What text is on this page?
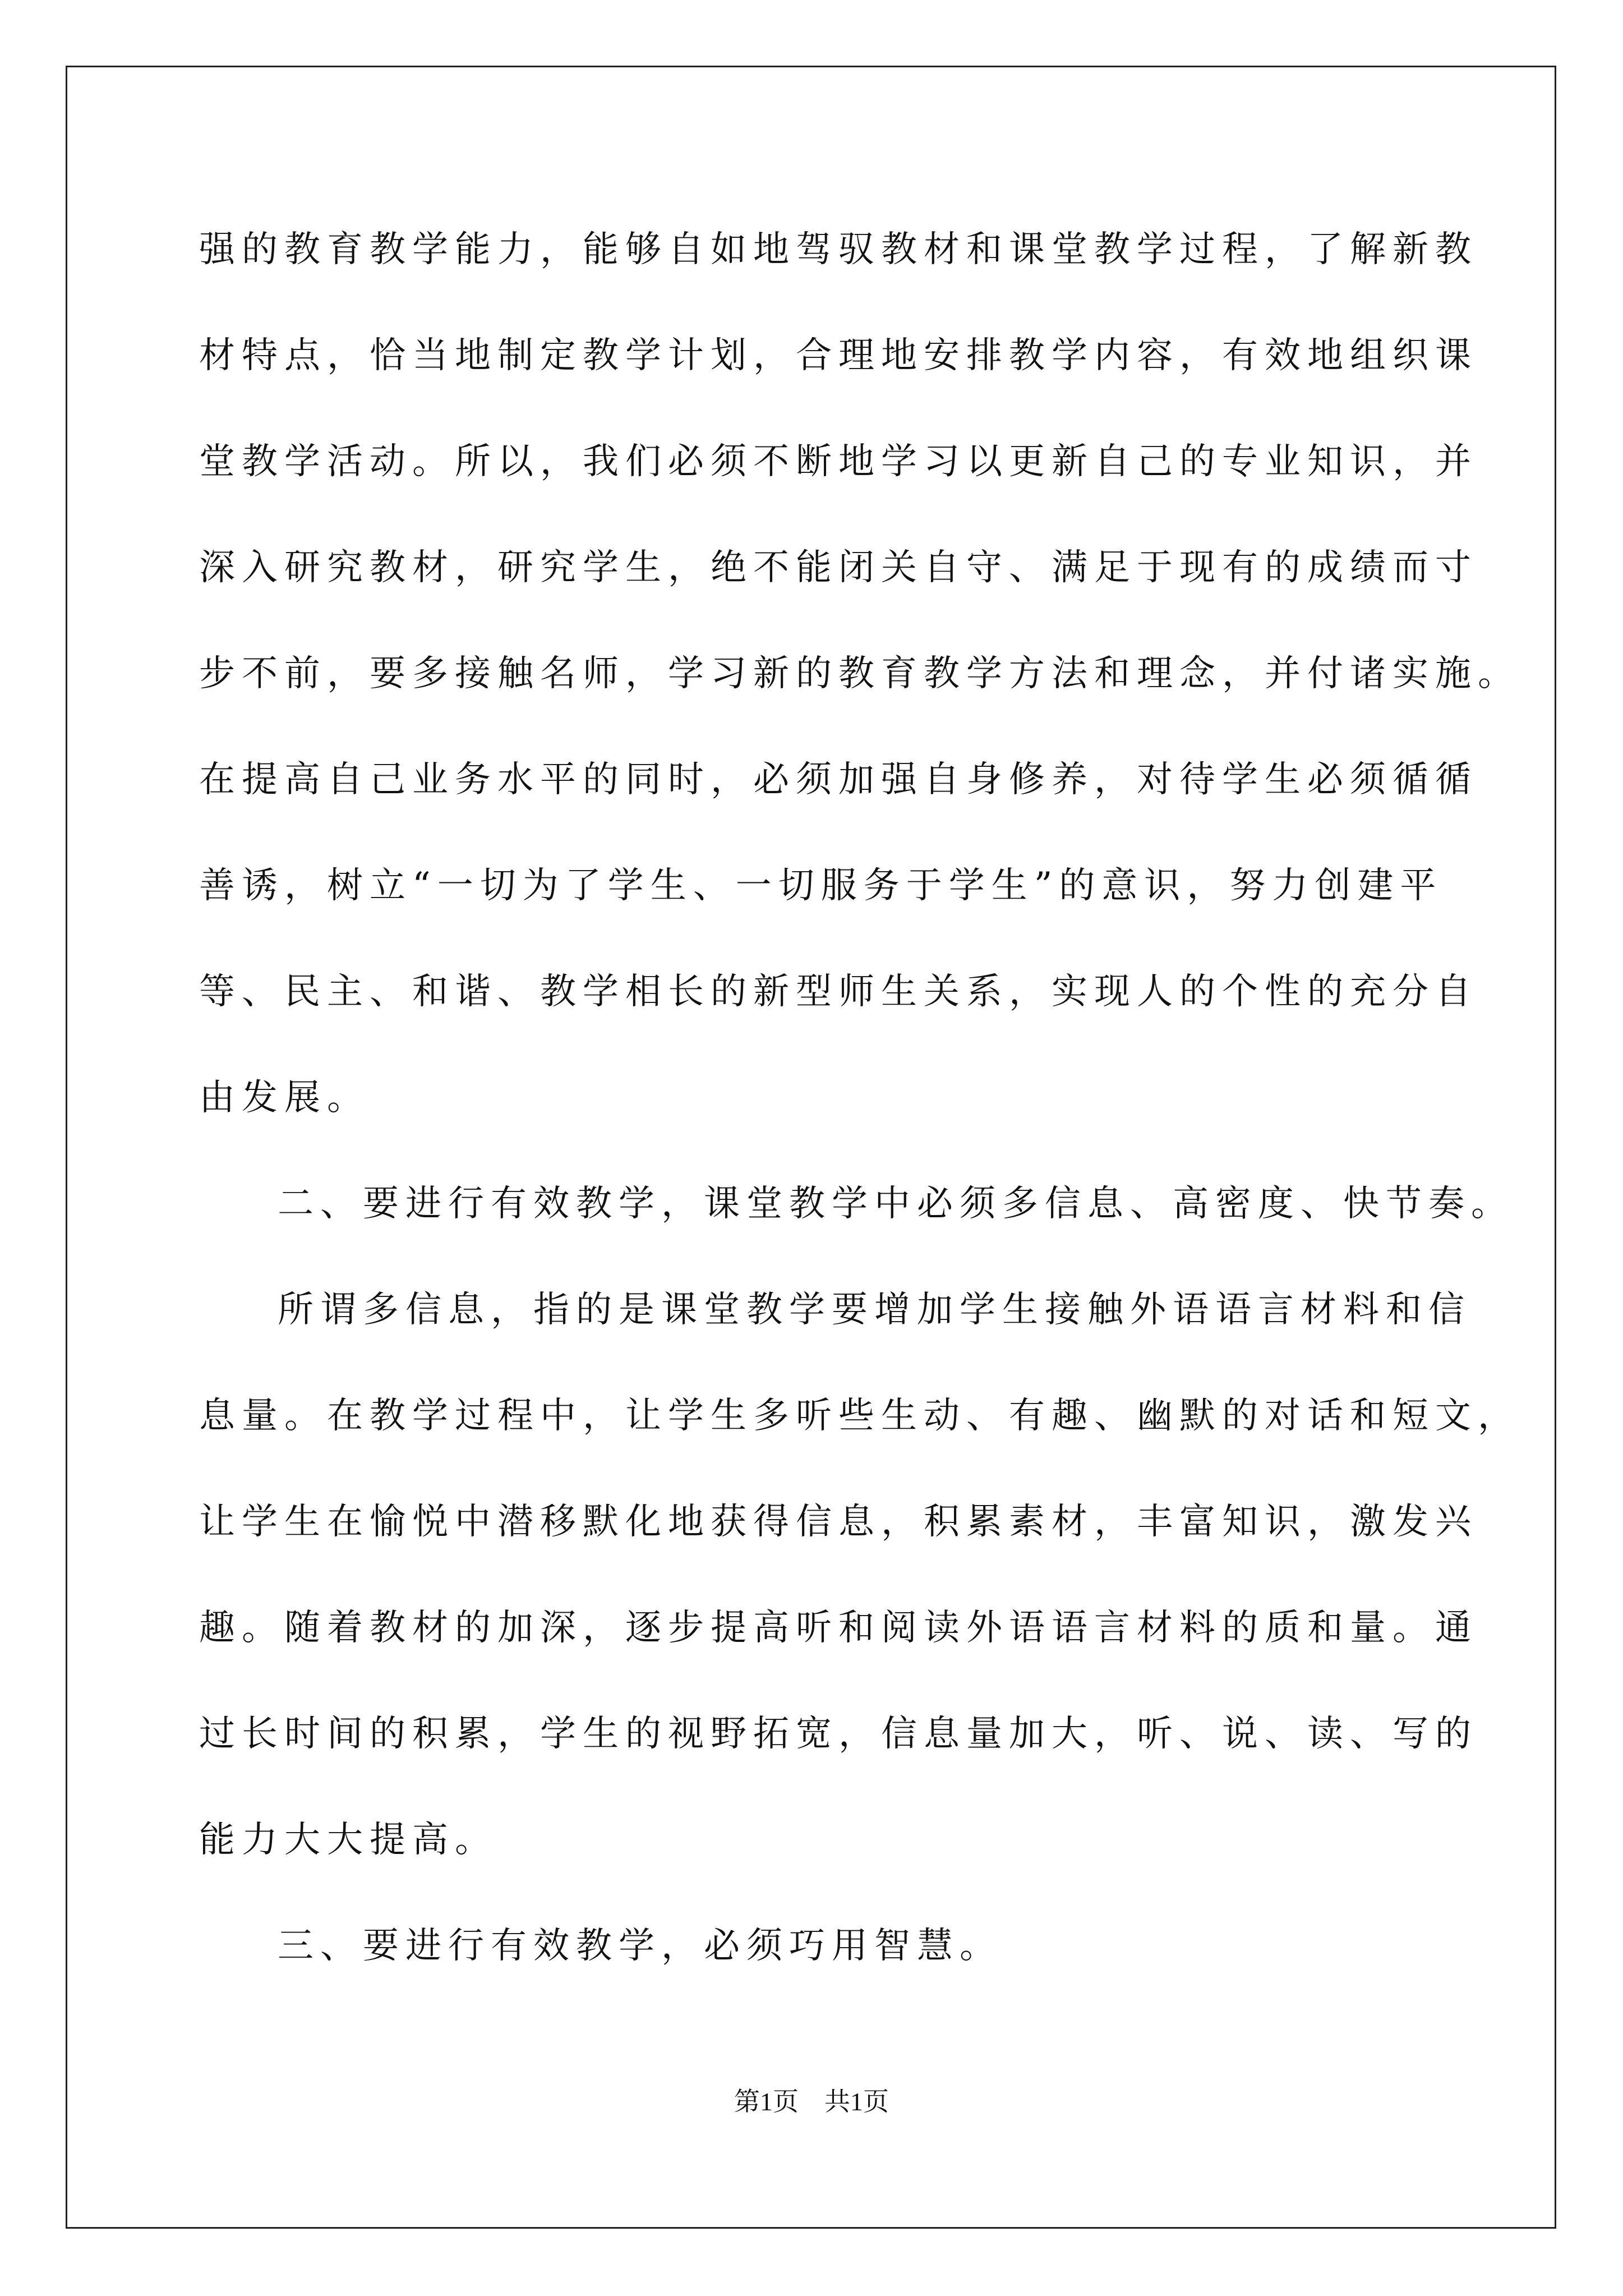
强的教育教学能力，能够自如地驾驭教材和课堂教学过程，了解新教

材特点，恰当地制定教学计划，合理地安排教学内容，有效地组织课

堂教学活动。所以，我们必须不断地学习以更新自己的专业知识，并

深入研究教材，研究学生，绝不能闭关自守、满足于现有的成绩而寸

步不前，要多接触名师，学习新的教育教学方法和理念，并付诸实施。

在提高自己业务水平的同时，必须加强自身修养，对待学生必须循循

善诱，树立“一切为了学生、一切服务于学生”的意识，努力创建平

等、民主、和谐、教学相长的新型师生关系，实现人的个性的充分自

由发展。

二、要进行有效教学，课堂教学中必须多信息、高密度、快节奏。

所谓多信息，指的是课堂教学要增加学生接触外语语言材料和信

息量。在教学过程中，让学生多听些生动、有趣、幽默的对话和短文，

让学生在愉悦中潜移默化地获得信息，积累素材，丰富知识，激发兴

趣。随着教材的加深，逐步提高听和阅读外语语言材料的质和量。通

过长时间的积累，学生的视野拓宽，信息量加大，听、说、读、写的

能力大大提高。

三、要进行有效教学，必须巧用智慧。

第1页　共1页
